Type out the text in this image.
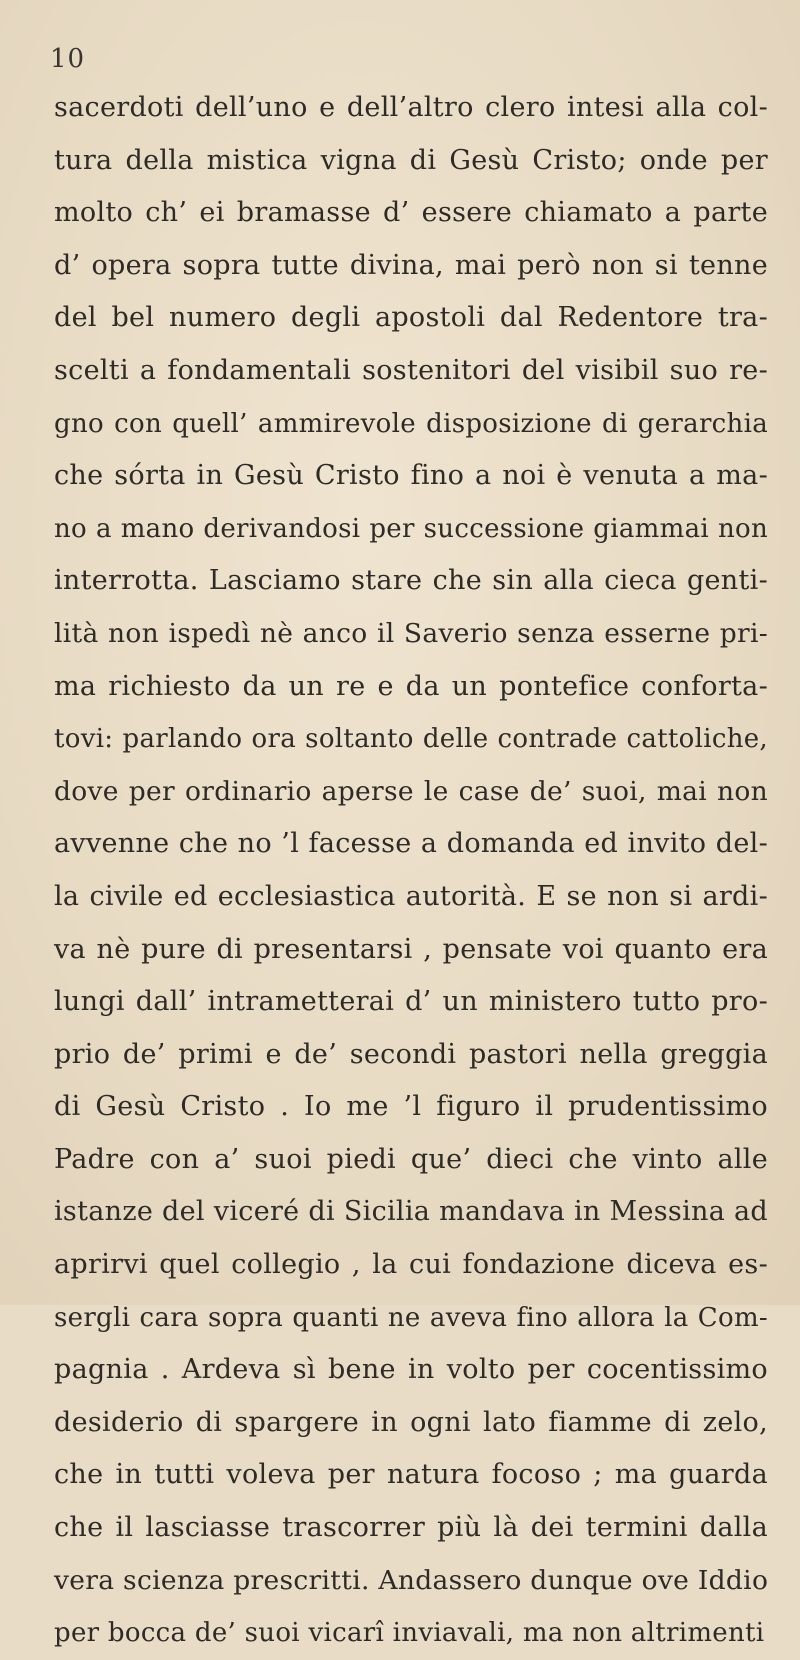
10
sacerdoti dell’uno e dell’altro clero intesi alla col-
tura della mistica vigna di Gesù Cristo; onde per
molto ch’ ei bramasse d’ essere chiamato a parte
d’ opera sopra tutte divina, mai però non si tenne
del bel numero degli apostoli dal Redentore tra-
scelti a fondamentali sostenitori del visibil suo re-
gno con quell’ ammirevole disposizione di gerarchia
che sórta in Gesù Cristo fino a noi è venuta a ma-
no a mano derivandosi per successione giammai non
interrotta. Lasciamo stare che sin alla cieca genti-
lità non ispedì nè anco il Saverio senza esserne pri-
ma richiesto da un re e da un pontefice conforta-
tovi: parlando ora soltanto delle contrade cattoliche,
dove per ordinario aperse le case de’ suoi, mai non
avvenne che no ’l facesse a domanda ed invito del-
la civile ed ecclesiastica autorità. E se non si ardi-
va nè pure di presentarsi , pensate voi quanto era
lungi dall’ intrametterai d’ un ministero tutto pro-
prio de’ primi e de’ secondi pastori nella greggia
di Gesù Cristo . Io me ’l figuro il prudentissimo
Padre con a’ suoi piedi que’ dieci che vinto alle
istanze del viceré di Sicilia mandava in Messina ad
aprirvi quel collegio , la cui fondazione diceva es-
sergli cara sopra quanti ne aveva fino allora la Com-
pagnia . Ardeva sì bene in volto per cocentissimo
desiderio di spargere in ogni lato fiamme di zelo,
che in tutti voleva per natura focoso ; ma guarda
che il lasciasse trascorrer più là dei termini dalla
vera scienza prescritti. Andassero dunque ove Iddio
per bocca de’ suoi vicarî inviavali, ma non altrimenti
